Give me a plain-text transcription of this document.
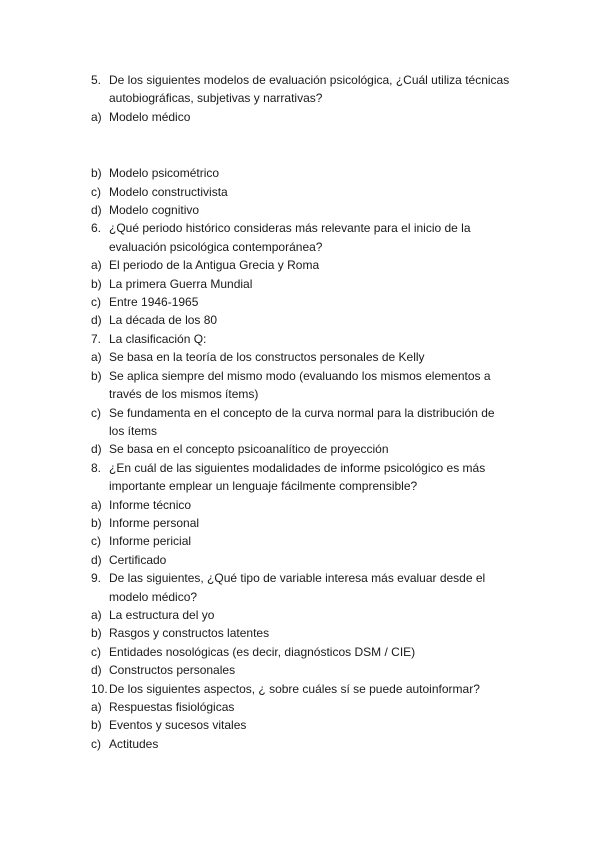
5. De los siguientes modelos de evaluación psicológica, ¿Cuál utiliza técnicas autobiográficas, subjetivas y narrativas?
a) Modelo médico
b) Modelo psicométrico
c) Modelo constructivista
d) Modelo cognitivo
6. ¿Qué periodo histórico consideras más relevante para el inicio de la evaluación psicológica contemporánea?
a) El periodo de la Antigua Grecia y Roma
b) La primera Guerra Mundial
c) Entre 1946-1965
d) La década de los 80
7. La clasificación Q:
a) Se basa en la teoría de los constructos personales de Kelly
b) Se aplica siempre del mismo modo (evaluando los mismos elementos a través de los mismos ítems)
c) Se fundamenta en el concepto de la curva normal para la distribución de los ítems
d) Se basa en el concepto psicoanalítico de proyección
8. ¿En cuál de las siguientes modalidades de informe psicológico es más importante emplear un lenguaje fácilmente comprensible?
a) Informe técnico
b) Informe personal
c) Informe pericial
d) Certificado
9. De las siguientes, ¿Qué tipo de variable interesa más evaluar desde el modelo médico?
a) La estructura del yo
b) Rasgos y constructos latentes
c) Entidades nosológicas (es decir, diagnósticos DSM / CIE)
d) Constructos personales
10. De los siguientes aspectos, ¿ sobre cuáles sí se puede autoinformar?
a) Respuestas fisiológicas
b) Eventos y sucesos vitales
c) Actitudes
